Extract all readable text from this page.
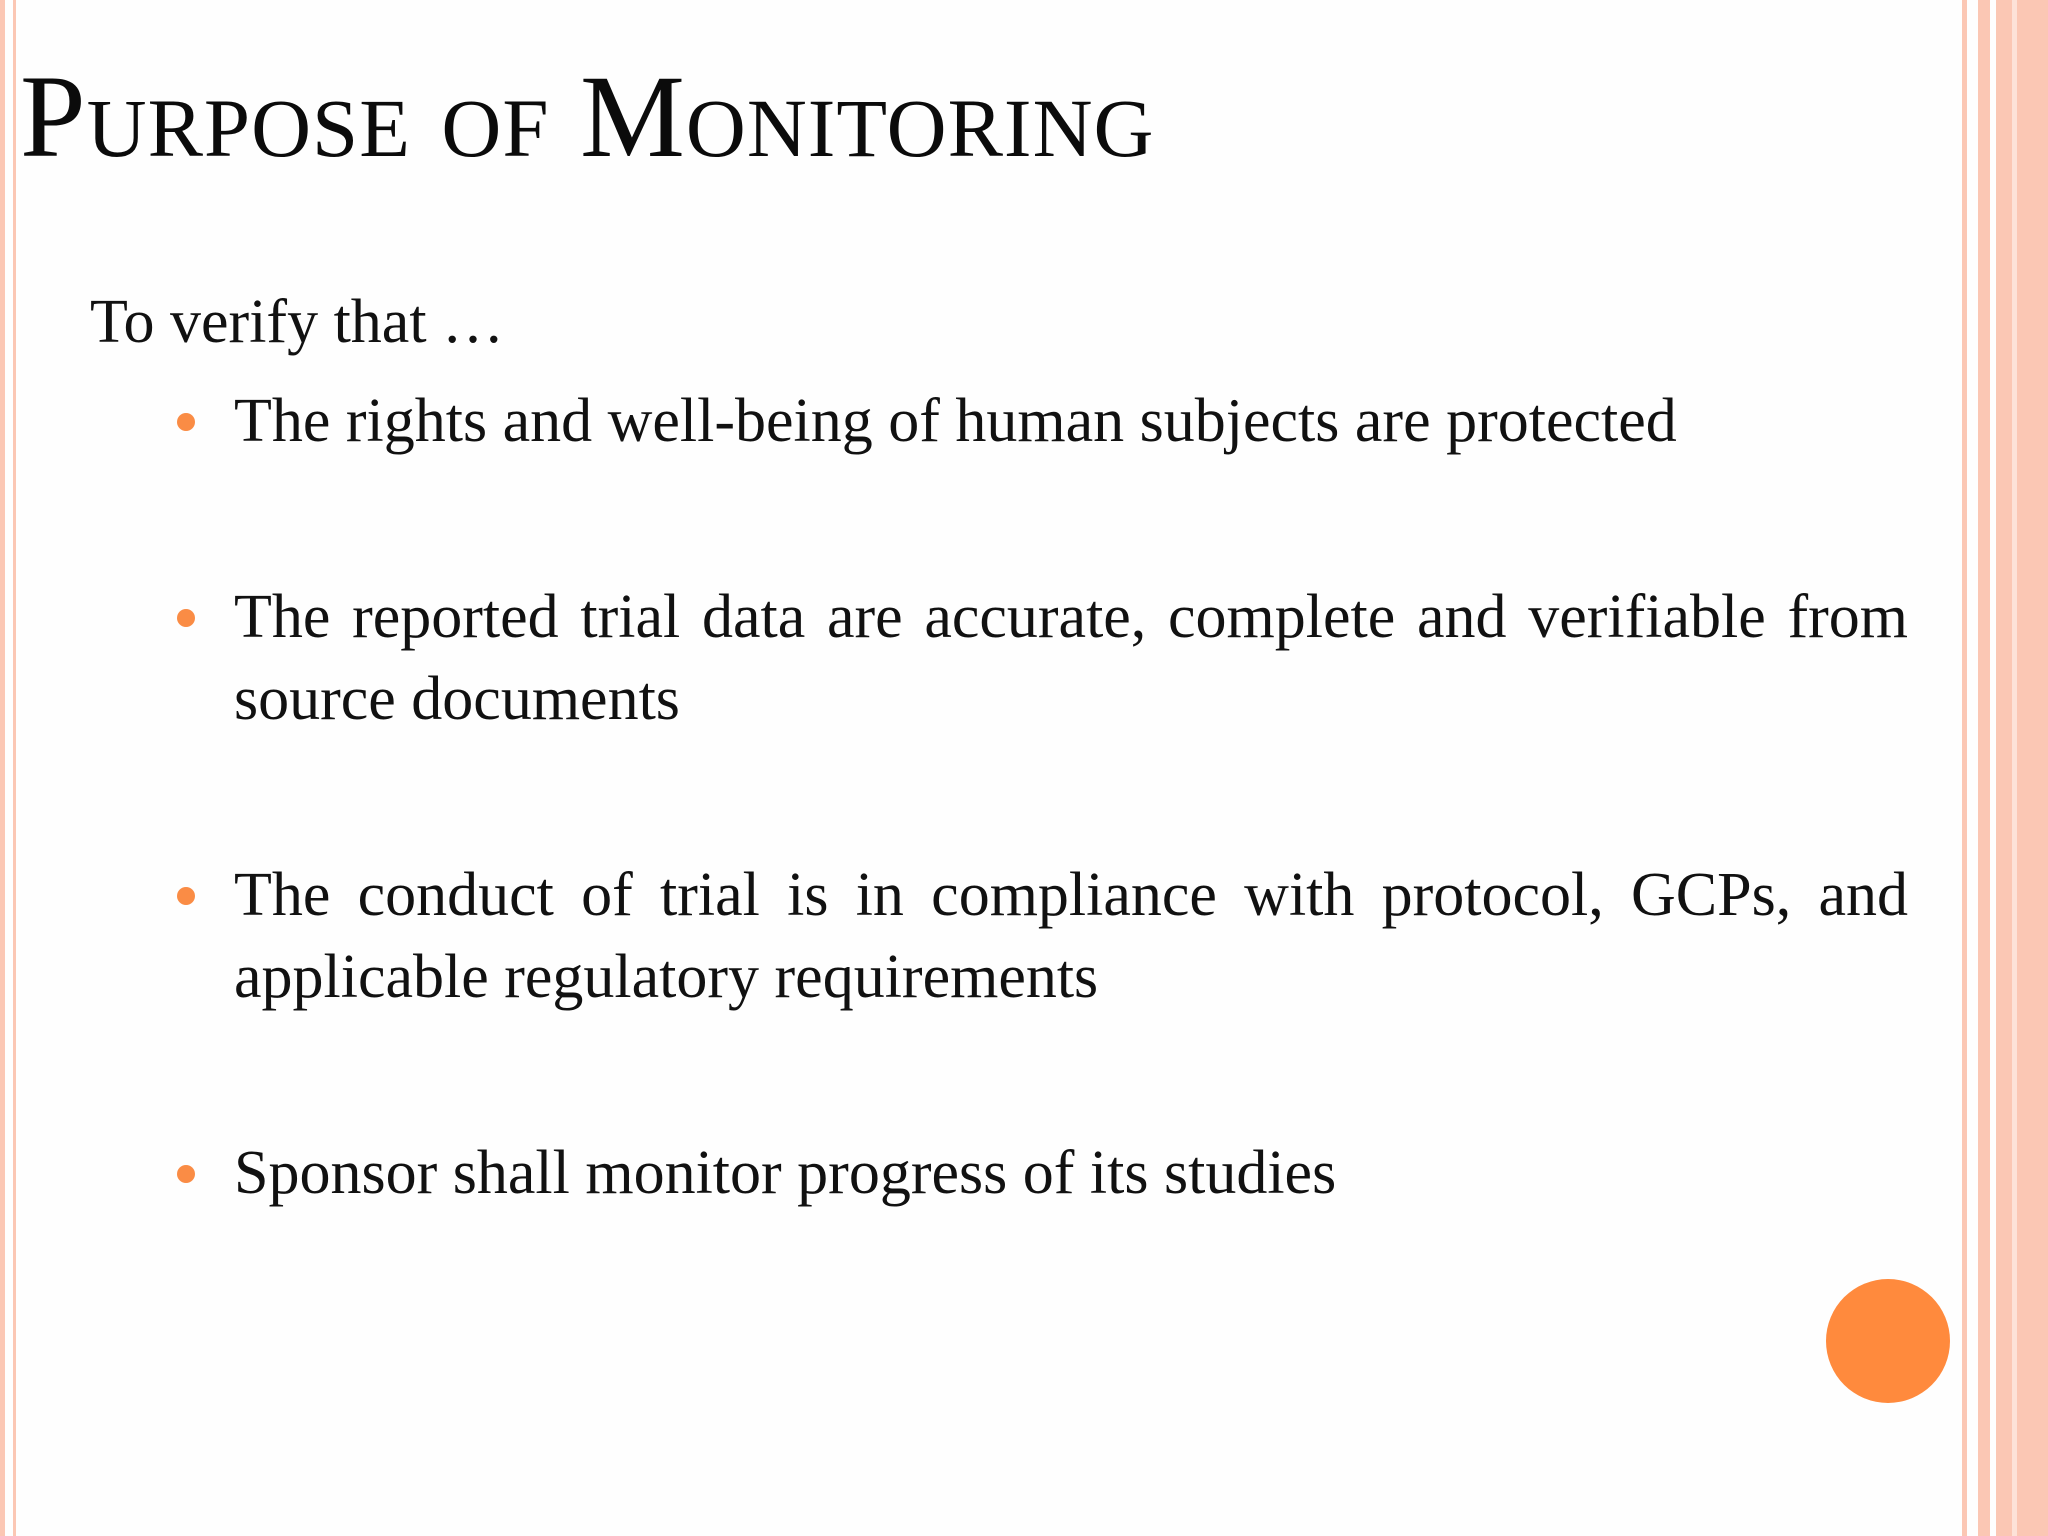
Purpose of Monitoring
To verify that …
The rights and well-being of human subjects are protected
The reported trial data are accurate, complete and verifiable from source documents
The conduct of trial is in compliance with protocol, GCPs, and applicable regulatory requirements
Sponsor shall monitor progress of its studies
